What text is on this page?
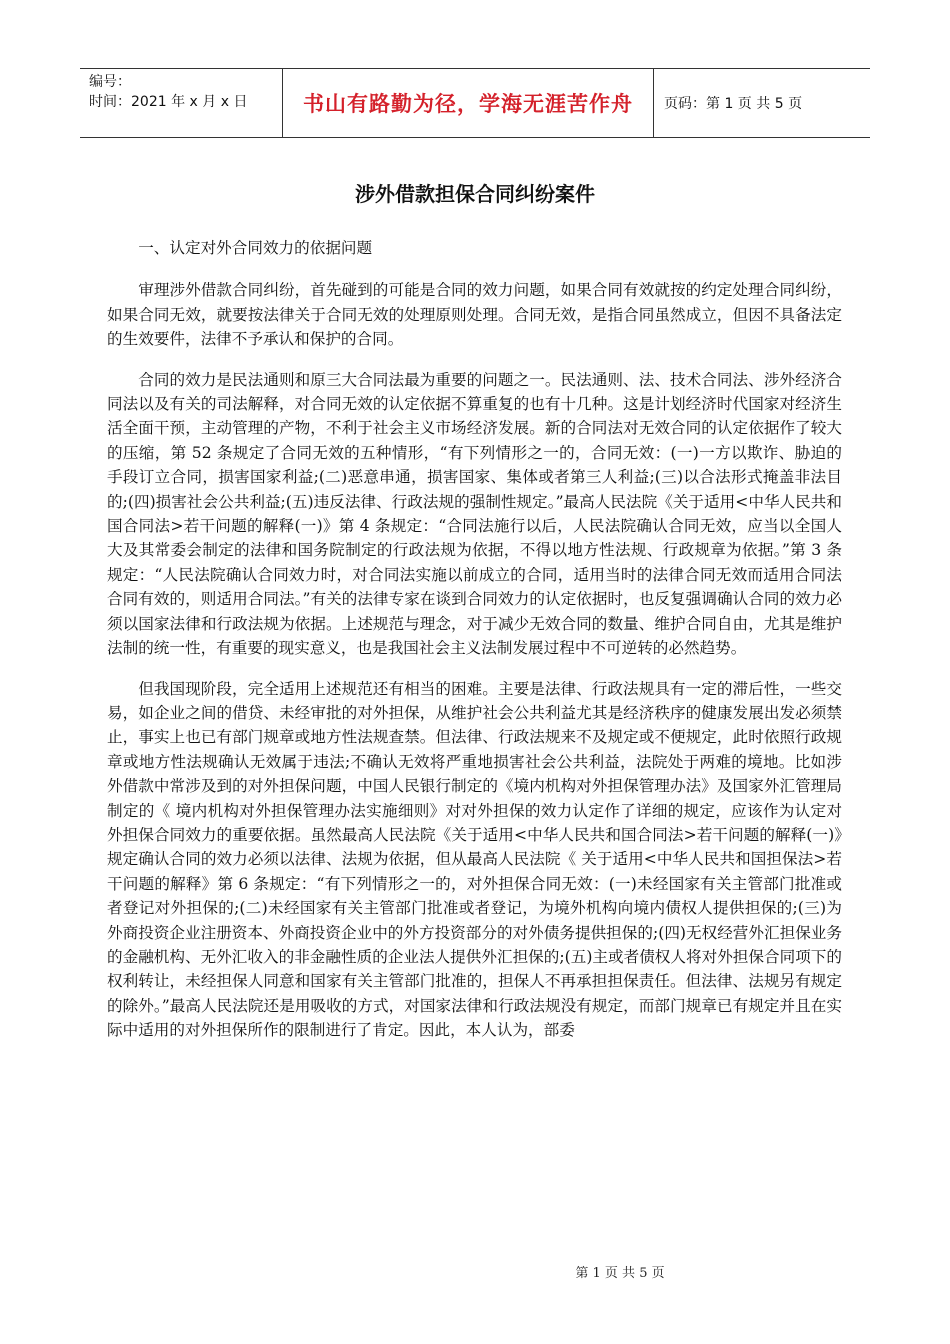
编号：
时间：2021 年 x 月 x 日	书山有路勤为径，学海无涯苦作舟 页码：第 1 页 共 5 页
涉外借款担保合同纠纷案件

一、认定对外合同效力的依据问题

审理涉外借款合同纠纷，首先碰到的可能是合同的效力问题，如果合同有效就按的约定处理合同纠纷，如果合同无效，就要按法律关于合同无效的处理原则处理。合同无效，是指合同虽然成立，但因不具备法定的生效要件，法律不予承认和保护的合同。

合同的效力是民法通则和原三大合同法最为重要的问题之一。民法通则、法、技术合同法、涉外经济合同法以及有关的司法解释，对合同无效的认定依据不算重复的也有十几种。这是计划经济时代国家对经济生活全面干预，主动管理的产物，不利于社会主义市场经济发展。新的合同法对无效合同的认定依据作了较大的压缩，第 52 条规定了合同无效的五种情形，“有下列情形之一的，合同无效：(一)一方以欺诈、胁迫的手段订立合同，损害国家利益;(二)恶意串通，损害国家、集体或者第三人利益;(三)以合法形式掩盖非法目的;(四)损害社会公共利益;(五)违反法律、行政法规的强制性规定。”最高人民法院《关于适用<中华人民共和国合同法>若干问题的解释(一)》第 4 条规定：“合同法施行以后，人民法院确认合同无效，应当以全国人大及其常委会制定的法律和国务院制定的行政法规为依据，不得以地方性法规、行政规章为依据。”第 3 条规定：“人民法院确认合同效力时，对合同法实施以前成立的合同，适用当时的法律合同无效而适用合同法合同有效的，则适用合同法。”有关的法律专家在谈到合同效力的认定依据时，也反复强调确认合同的效力必须以国家法律和行政法规为依据。上述规范与理念，对于减少无效合同的数量、维护合同自由，尤其是维护法制的统一性，有重要的现实意义，也是我国社会主义法制发展过程中不可逆转的必然趋势。

但我国现阶段，完全适用上述规范还有相当的困难。主要是法律、行政法规具有一定的滞后性，一些交易，如企业之间的借贷、未经审批的对外担保，从维护社会公共利益尤其是经济秩序的健康发展出发必须禁止，事实上也已有部门规章或地方性法规查禁。但法律、行政法规来不及规定或不便规定，此时依照行政规章或地方性法规确认无效属于违法;不确认无效将严重地损害社会公共利益，法院处于两难的境地。比如涉外借款中常涉及到的对外担保问题，中国人民银行制定的《境内机构对外担保管理办法》及国家外汇管理局制定的《 境内机构对外担保管理办法实施细则》对对外担保的效力认定作了详细的规定，应该作为认定对外担保合同效力的重要依据。虽然最高人民法院《关于适用<中华人民共和国合同法>若干问题的解释(一)》规定确认合同的效力必须以法律、法规为依据，但从最高人民法院《 关于适用<中华人民共和国担保法>若干问题的解释》第 6 条规定：“有下列情形之一的，对外担保合同无效：(一)未经国家有关主管部门批准或者登记对外担保的;(二)未经国家有关主管部门批准或者登记，为境外机构向境内债权人提供担保的;(三)为外商投资企业注册资本、外商投资企业中的外方投资部分的对外债务提供担保的;(四)无权经营外汇担保业务的金融机构、无外汇收入的非金融性质的企业法人提供外汇担保的;(五)主或者债权人将对外担保合同项下的权利转让，未经担保人同意和国家有关主管部门批准的，担保人不再承担担保责任。但法律、法规另有规定的除外。”最高人民法院还是用吸收的方式，对国家法律和行政法规没有规定，而部门规章已有规定并且在实际中适用的对外担保所作的限制进行了肯定。因此，本人认为，部委

第 1 页 共 5 页
